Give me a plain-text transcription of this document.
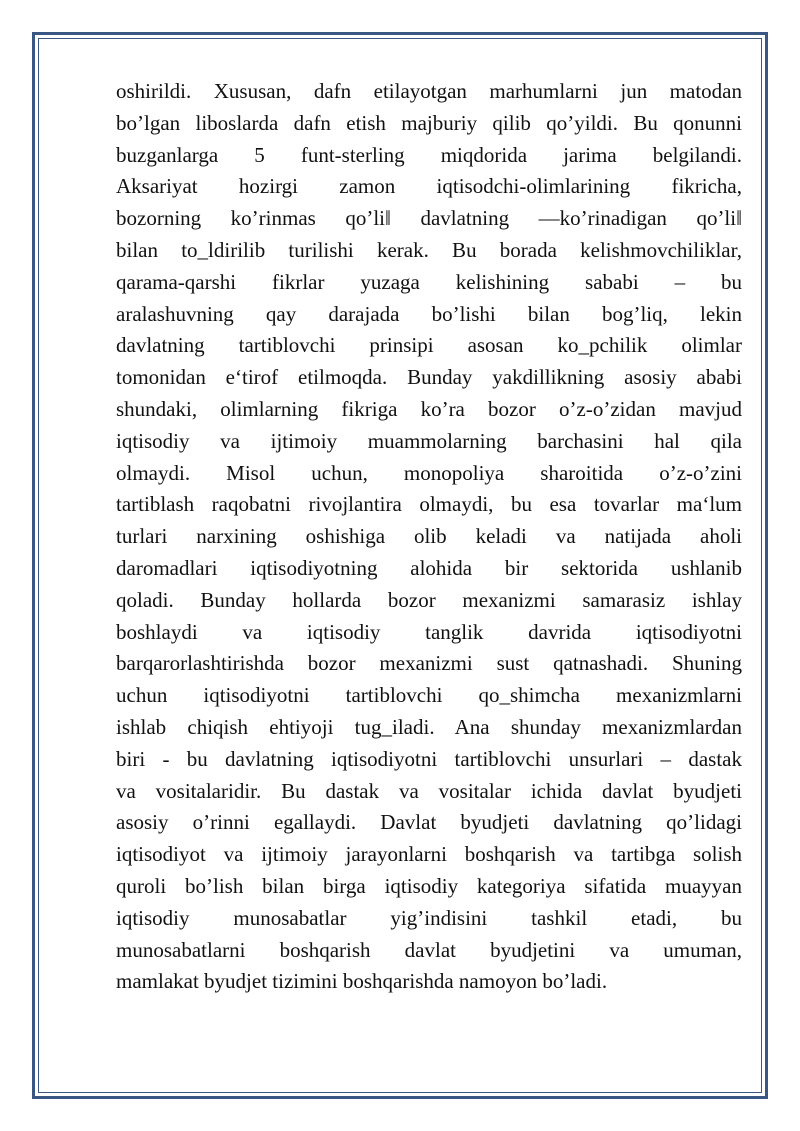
oshirildi. Xususan, dafn etilayotgan marhumlarni jun matodan
bo’lgan liboslarda dafn etish majburiy qilib qo’yildi. Bu qonunni
buzganlarga 5 funt-sterling miqdorida jarima belgilandi.
Aksariyat hozirgi zamon iqtisodchi-olimlarining fikricha,
bozorning ko’rinmas qo’li‖ davlatning ―ko’rinadigan qo’li‖
bilan to_ldirilib turilishi kerak. Bu borada kelishmovchiliklar,
qarama-qarshi fikrlar yuzaga kelishining sababi – bu
aralashuvning qay darajada bo’lishi bilan bog’liq, lekin
davlatning tartiblovchi prinsipi asosan ko_pchilik olimlar
tomonidan e‘tirof etilmoqda. Bunday yakdillikning asosiy ababi
shundaki, olimlarning fikriga ko’ra bozor o’z-o’zidan mavjud
iqtisodiy va ijtimoiy muammolarning barchasini hal qila
olmaydi. Misol uchun, monopoliya sharoitida o’z-o’zini
tartiblash raqobatni rivojlantira olmaydi, bu esa tovarlar ma‘lum
turlari narxining oshishiga olib keladi va natijada aholi
daromadlari iqtisodiyotning alohida bir sektorida ushlanib
qoladi. Bunday hollarda bozor mexanizmi samarasiz ishlay
boshlaydi va iqtisodiy tanglik davrida iqtisodiyotni
barqarorlashtirishda bozor mexanizmi sust qatnashadi. Shuning
uchun iqtisodiyotni tartiblovchi qo_shimcha mexanizmlarni
ishlab chiqish ehtiyoji tug_iladi. Ana shunday mexanizmlardan
biri - bu davlatning iqtisodiyotni tartiblovchi unsurlari – dastak
va vositalaridir. Bu dastak va vositalar ichida davlat byudjeti
asosiy o’rinni egallaydi. Davlat byudjeti davlatning qo’lidagi
iqtisodiyot va ijtimoiy jarayonlarni boshqarish va tartibga solish
quroli bo’lish bilan birga iqtisodiy kategoriya sifatida muayyan
iqtisodiy munosabatlar yig’indisini tashkil etadi, bu
munosabatlarni boshqarish davlat byudjetini va umuman,
mamlakat byudjet tizimini boshqarishda namoyon bo’ladi.
